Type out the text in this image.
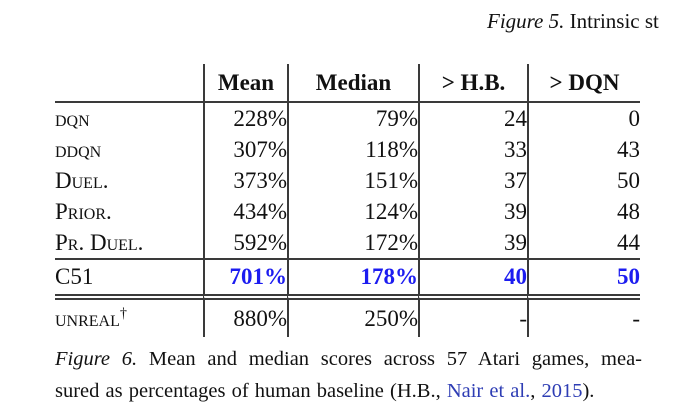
Figure 5. Intrinsic st
	Mean	Median	> H.B.	> DQN
dqn	228%	79%	24	0
ddqn	307%	118%	33	43
Duel.	373%	151%	37	50
Prior.	434%	124%	39	48
Pr. Duel.	592%	172%	39	44
C51	701%	178%	40	50
unreal†	880%	250%	-	-
Figure 6. Mean and median scores across 57 Atari games, mea-
sured as percentages of human baseline (H.B., Nair et al., 2015).
